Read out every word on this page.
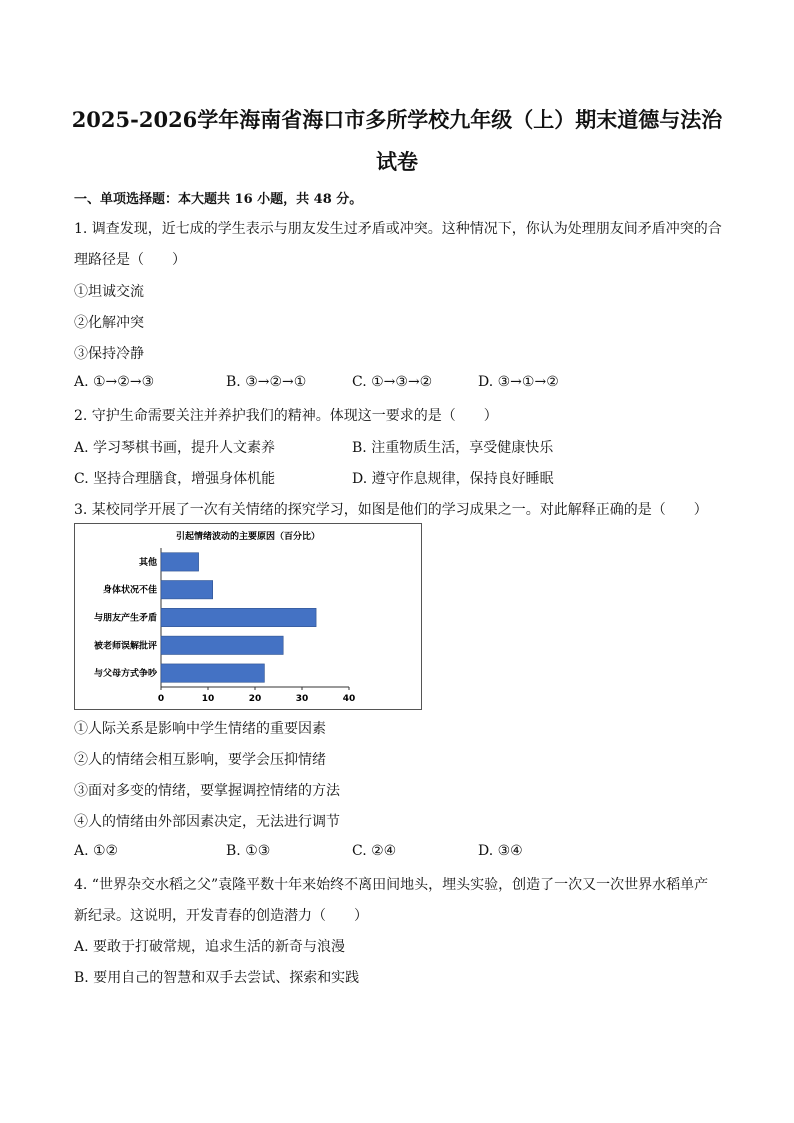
2025-2026学年海南省海口市多所学校九年级（上）期末道德与法治
试卷
一、单项选择题：本大题共 16 小题，共 48 分。
1. 调查发现，近七成的学生表示与朋友发生过矛盾或冲突。这种情况下，你认为处理朋友间矛盾冲突的合
理路径是（　　）
①坦诚交流
②化解冲突
③保持冷静
A. ①→②→③	B. ③→②→①	C. ①→③→②	D. ③→①→②
2. 守护生命需要关注并养护我们的精神。体现这一要求的是（　　）
A. 学习琴棋书画，提升人文素养	B. 注重物质生活，享受健康快乐
C. 坚持合理膳食，增强身体机能	D. 遵守作息规律，保持良好睡眠
3. 某校同学开展了一次有关情绪的探究学习，如图是他们的学习成果之一。对此解释正确的是（　　）
引起情绪波动的主要原因（百分比）
其他
身体状况不佳
与朋友产生矛盾
被老师误解批评
与父母方式争吵
0	10	20	30	40
①人际关系是影响中学生情绪的重要因素
②人的情绪会相互影响，要学会压抑情绪
③面对多变的情绪，要掌握调控情绪的方法
④人的情绪由外部因素决定，无法进行调节
A. ①②	B. ①③	C. ②④	D. ③④
4. “世界杂交水稻之父”袁隆平数十年来始终不离田间地头，埋头实验，创造了一次又一次世界水稻单产
新纪录。这说明，开发青春的创造潜力（　　）
A. 要敢于打破常规，追求生活的新奇与浪漫
B. 要用自己的智慧和双手去尝试、探索和实践
